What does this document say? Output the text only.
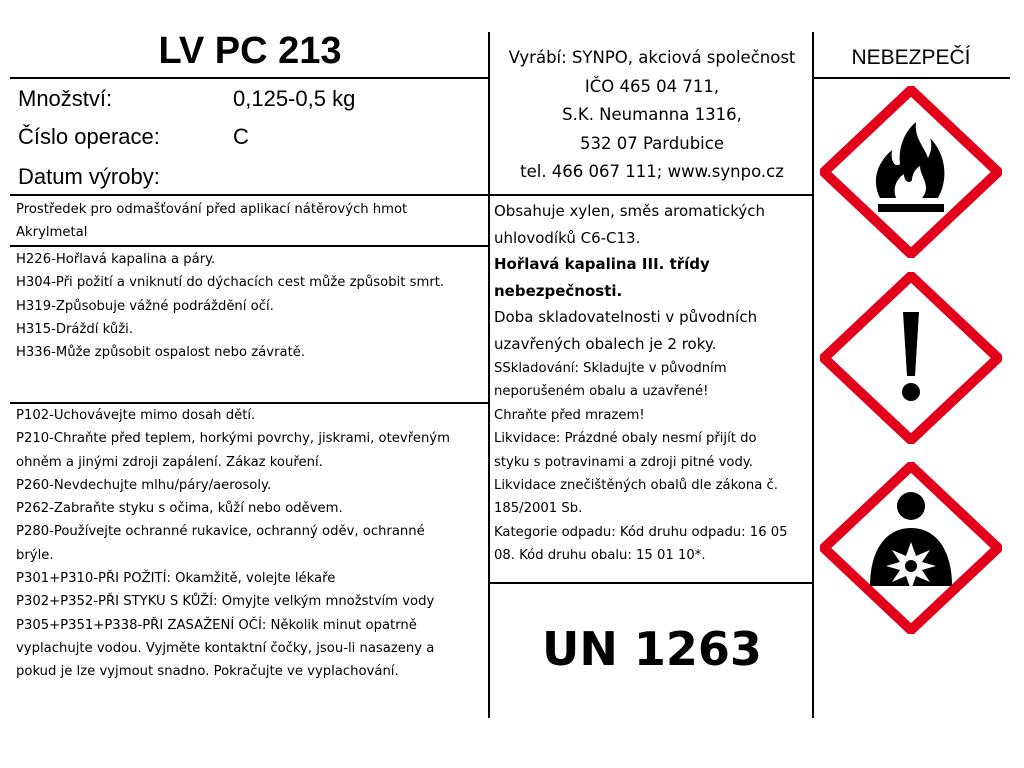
LV PC 213
Množství:	0,125-0,5 kg
Číslo operace:	C
Datum výroby:
Prostředek pro odmašťování před aplikací nátěrových hmot
Akrylmetal
H226-Hořlavá kapalina a páry.
H304-Při požití a vniknutí do dýchacích cest může způsobit smrt.
H319-Způsobuje vážné podráždění očí.
H315-Dráždí kůži.
H336-Může způsobit ospalost nebo závratě.
P102-Uchovávejte mimo dosah dětí.
P210-Chraňte před teplem, horkými povrchy, jiskrami, otevřeným
ohněm a jinými zdroji zapálení. Zákaz kouření.
P260-Nevdechujte mlhu/páry/aerosoly.
P262-Zabraňte styku s očima, kůží nebo oděvem.
P280-Používejte ochranné rukavice, ochranný oděv, ochranné
brýle.
P301+P310-PŘI POŽITÍ: Okamžitě, volejte lékaře
P302+P352-PŘI STYKU S KŮŽÍ: Omyjte velkým množstvím vody
P305+P351+P338-PŘI ZASAŽENÍ OČÍ: Několik minut opatrně
vyplachujte vodou. Vyjměte kontaktní čočky, jsou-li nasazeny a
pokud je lze vyjmout snadno. Pokračujte ve vyplachování.
Vyrábí: SYNPO, akciová společnost
IČO 465 04 711,
S.K. Neumanna 1316,
532 07 Pardubice
tel. 466 067 111; www.synpo.cz
Obsahuje xylen, směs aromatických
uhlovodíků C6-C13.
Hořlavá kapalina III. třídy
nebezpečnosti.
Doba skladovatelnosti v původních
uzavřených obalech je 2 roky.
SSkladování: Skladujte v původním
neporušeném obalu a uzavřené!
Chraňte před mrazem!
Likvidace: Prázdné obaly nesmí přijít do
styku s potravinami a zdroji pitné vody.
Likvidace znečištěných obalů dle zákona č.
185/2001 Sb.
Kategorie odpadu: Kód druhu odpadu: 16 05
08. Kód druhu obalu: 15 01 10*.
UN 1263
NEBEZPEČÍ
